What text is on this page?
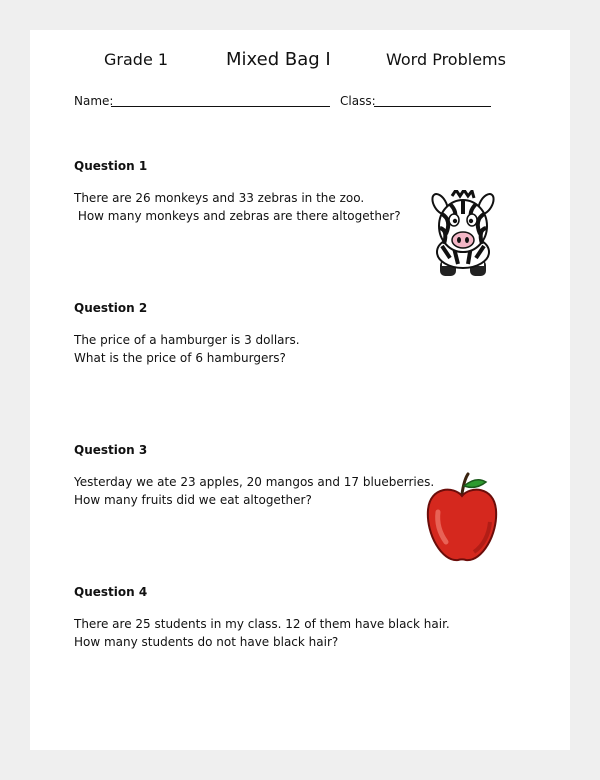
Grade 1	Mixed Bag I	Word Problems
Name:	Class:
Question 1
There are 26 monkeys and 33 zebras in the zoo.
How many monkeys and zebras are there altogether?
Question 2
The price of a hamburger is 3 dollars.
What is the price of 6 hamburgers?
Question 3
Yesterday we ate 23 apples, 20 mangos and 17 blueberries.
How many fruits did we eat altogether?
Question 4
There are 25 students in my class. 12 of them have black hair.
How many students do not have black hair?
